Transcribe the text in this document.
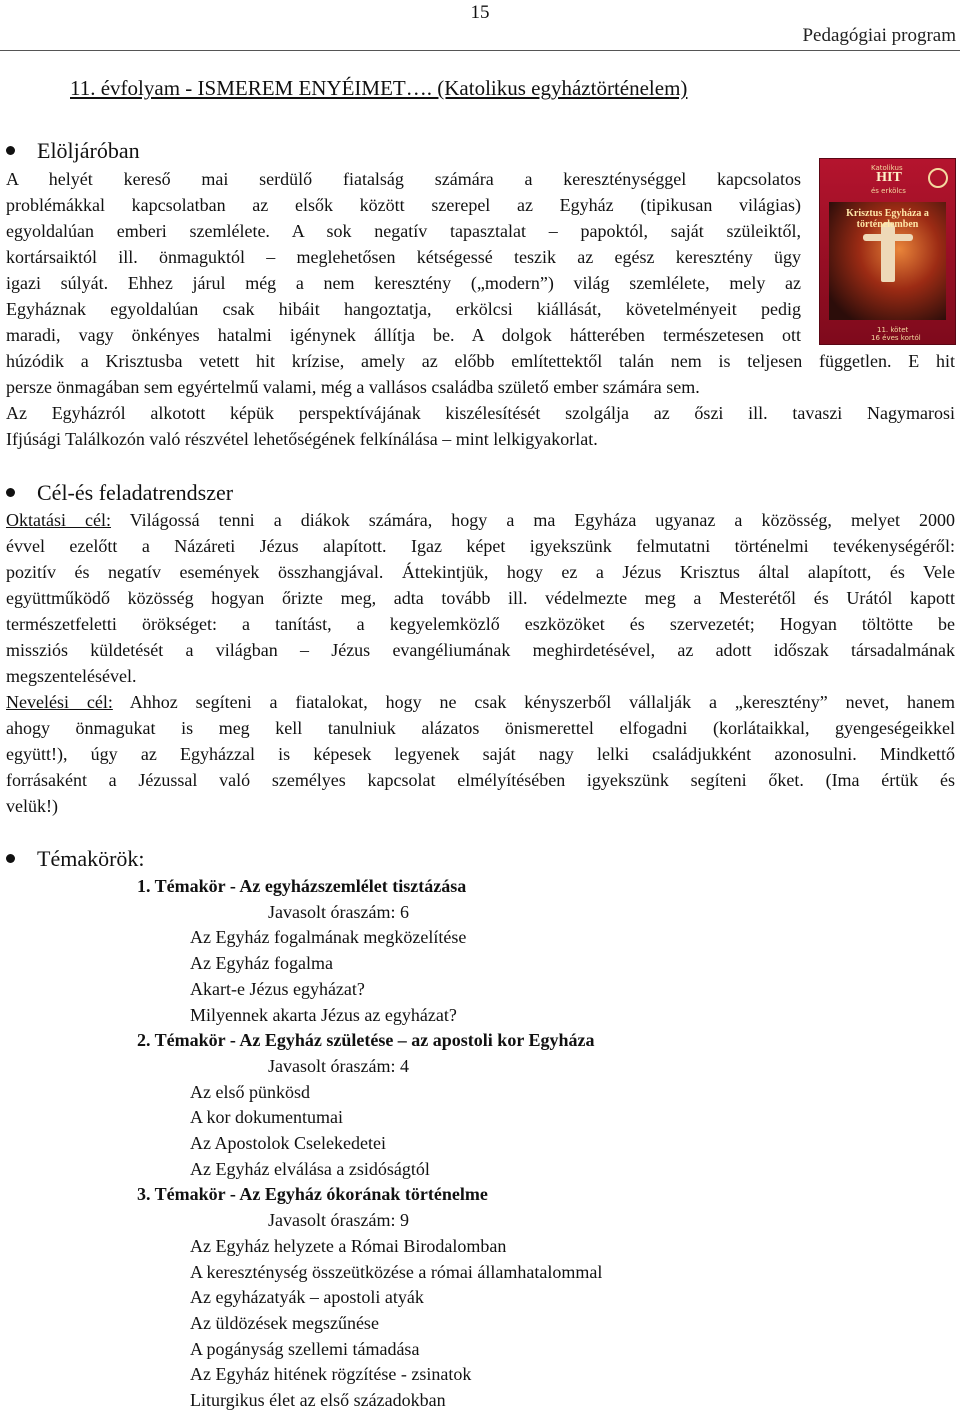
15
Pedagógiai program
11. évfolyam - ISMEREM ENYÉIMET…. (Katolikus egyháztörténelem)
Elöljáróban
A helyét kereső mai serdülő fiatalság számára a kereszténységgel kapcsolatos
problémákkal kapcsolatban az elsők között szerepel az Egyház (tipikusan világias)
egyoldalúan emberi szemlélete. A sok negatív tapasztalat – papoktól, saját szüleiktől,
kortársaiktól ill. önmaguktól – meglehetősen kétségessé teszik az egész keresztény ügy
igazi súlyát. Ehhez járul még a nem keresztény („modern”) világ szemlélete, mely az
Egyháznak egyoldalúan csak hibáit hangoztatja, erkölcsi kiállását, követelményeit pedig
maradi, vagy önkényes hatalmi igénynek állítja be. A dolgok hátterében természetesen ott
húzódik a Krisztusba vetett hit krízise, amely az előbb említettektől talán nem is teljesen független. E hit
persze önmagában sem egyértelmű valami, még a vallásos családba születő ember számára sem.
Az Egyházról alkotott képük perspektívájának kiszélesítését szolgálja az őszi ill. tavaszi Nagymarosi
Ifjúsági Találkozón való részvétel lehetőségének felkínálása – mint lelkigyakorlat.
Katolikus
HIT
és erkölcs
Krisztus Egyháza a történelemben
11. kötet
16 éves kortól
Cél-és feladatrendszer
Oktatási cél: Világossá tenni a diákok számára, hogy a ma Egyháza ugyanaz a közösség, melyet 2000
évvel ezelőtt a Názáreti Jézus alapított. Igaz képet igyekszünk felmutatni történelmi tevékenységéről:
pozitív és negatív események összhangjával. Áttekintjük, hogy ez a Jézus Krisztus által alapított, és Vele
együttműködő közösség hogyan őrizte meg, adta tovább ill. védelmezte meg a Mesterétől és Urától kapott
természetfeletti örökséget: a tanítást, a kegyelemközlő eszközöket és szervezetét; Hogyan töltötte be
missziós küldetését a világban – Jézus evangéliumának meghirdetésével, az adott időszak társadalmának
megszentelésével.
Nevelési cél: Ahhoz segíteni a fiatalokat, hogy ne csak kényszerből vállalják a „keresztény” nevet, hanem
ahogy önmagukat is meg kell tanulniuk alázatos önismerettel elfogadni (korlátaikkal, gyengeségeikkel
együtt!), úgy az Egyházzal is képesek legyenek saját nagy lelki családjukként azonosulni. Mindkettő
forrásaként a Jézussal való személyes kapcsolat elmélyítésében igyekszünk segíteni őket. (Ima értük és
velük!)
Témakörök:
1. Témakör - Az egyházszemlélet tisztázása
Javasolt óraszám: 6
Az Egyház fogalmának megközelítése
Az Egyház fogalma
Akart-e Jézus egyházat?
Milyennek akarta Jézus az egyházat?
2. Témakör - Az Egyház születése – az apostoli kor Egyháza
Javasolt óraszám: 4
Az első pünkösd
A kor dokumentumai
Az Apostolok Cselekedetei
Az Egyház elválása a zsidóságtól
3. Témakör - Az Egyház ókorának történelme
Javasolt óraszám: 9
Az Egyház helyzete a Római Birodalomban
A kereszténység összeütközése a római államhatalommal
Az egyházatyák – apostoli atyák
Az üldözések megszűnése
A pogányság szellemi támadása
Az Egyház hitének rögzítése - zsinatok
Liturgikus élet az első századokban
